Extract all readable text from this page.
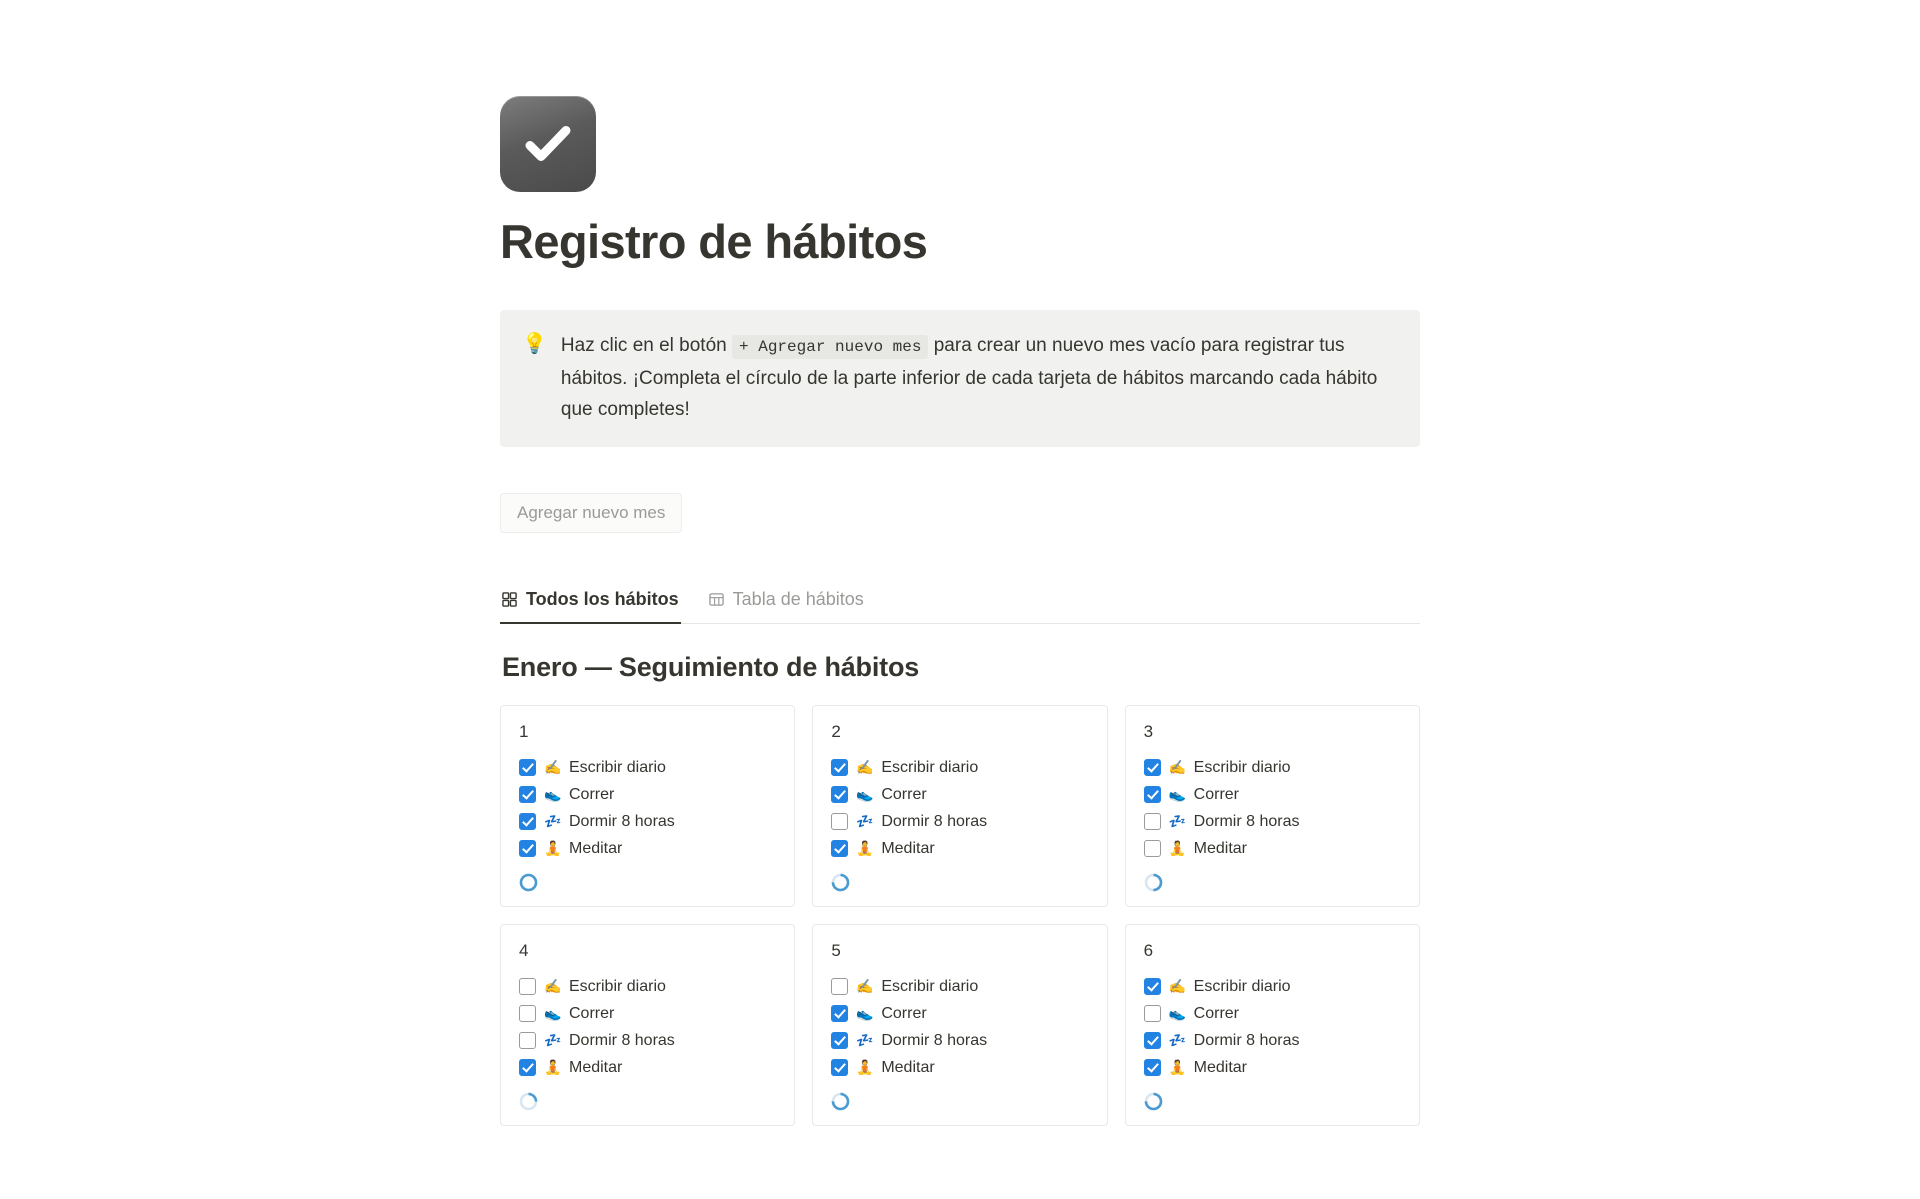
Registro de hábitos
💡 Haz clic en el botón + Agregar nuevo mes para crear un nuevo mes vacío para registrar tus hábitos. ¡Completa el círculo de la parte inferior de cada tarjeta de hábitos marcando cada hábito que completes!
Agregar nuevo mes
Todos los hábitos	Tabla de hábitos
Enero — Seguimiento de hábitos
1
✍️ Escribir diario
👟 Correr
💤 Dormir 8 horas
🧘 Meditar
2
✍️ Escribir diario
👟 Correr
💤 Dormir 8 horas
🧘 Meditar
3
✍️ Escribir diario
👟 Correr
💤 Dormir 8 horas
🧘 Meditar
4
✍️ Escribir diario
👟 Correr
💤 Dormir 8 horas
🧘 Meditar
5
✍️ Escribir diario
👟 Correr
💤 Dormir 8 horas
🧘 Meditar
6
✍️ Escribir diario
👟 Correr
💤 Dormir 8 horas
🧘 Meditar
